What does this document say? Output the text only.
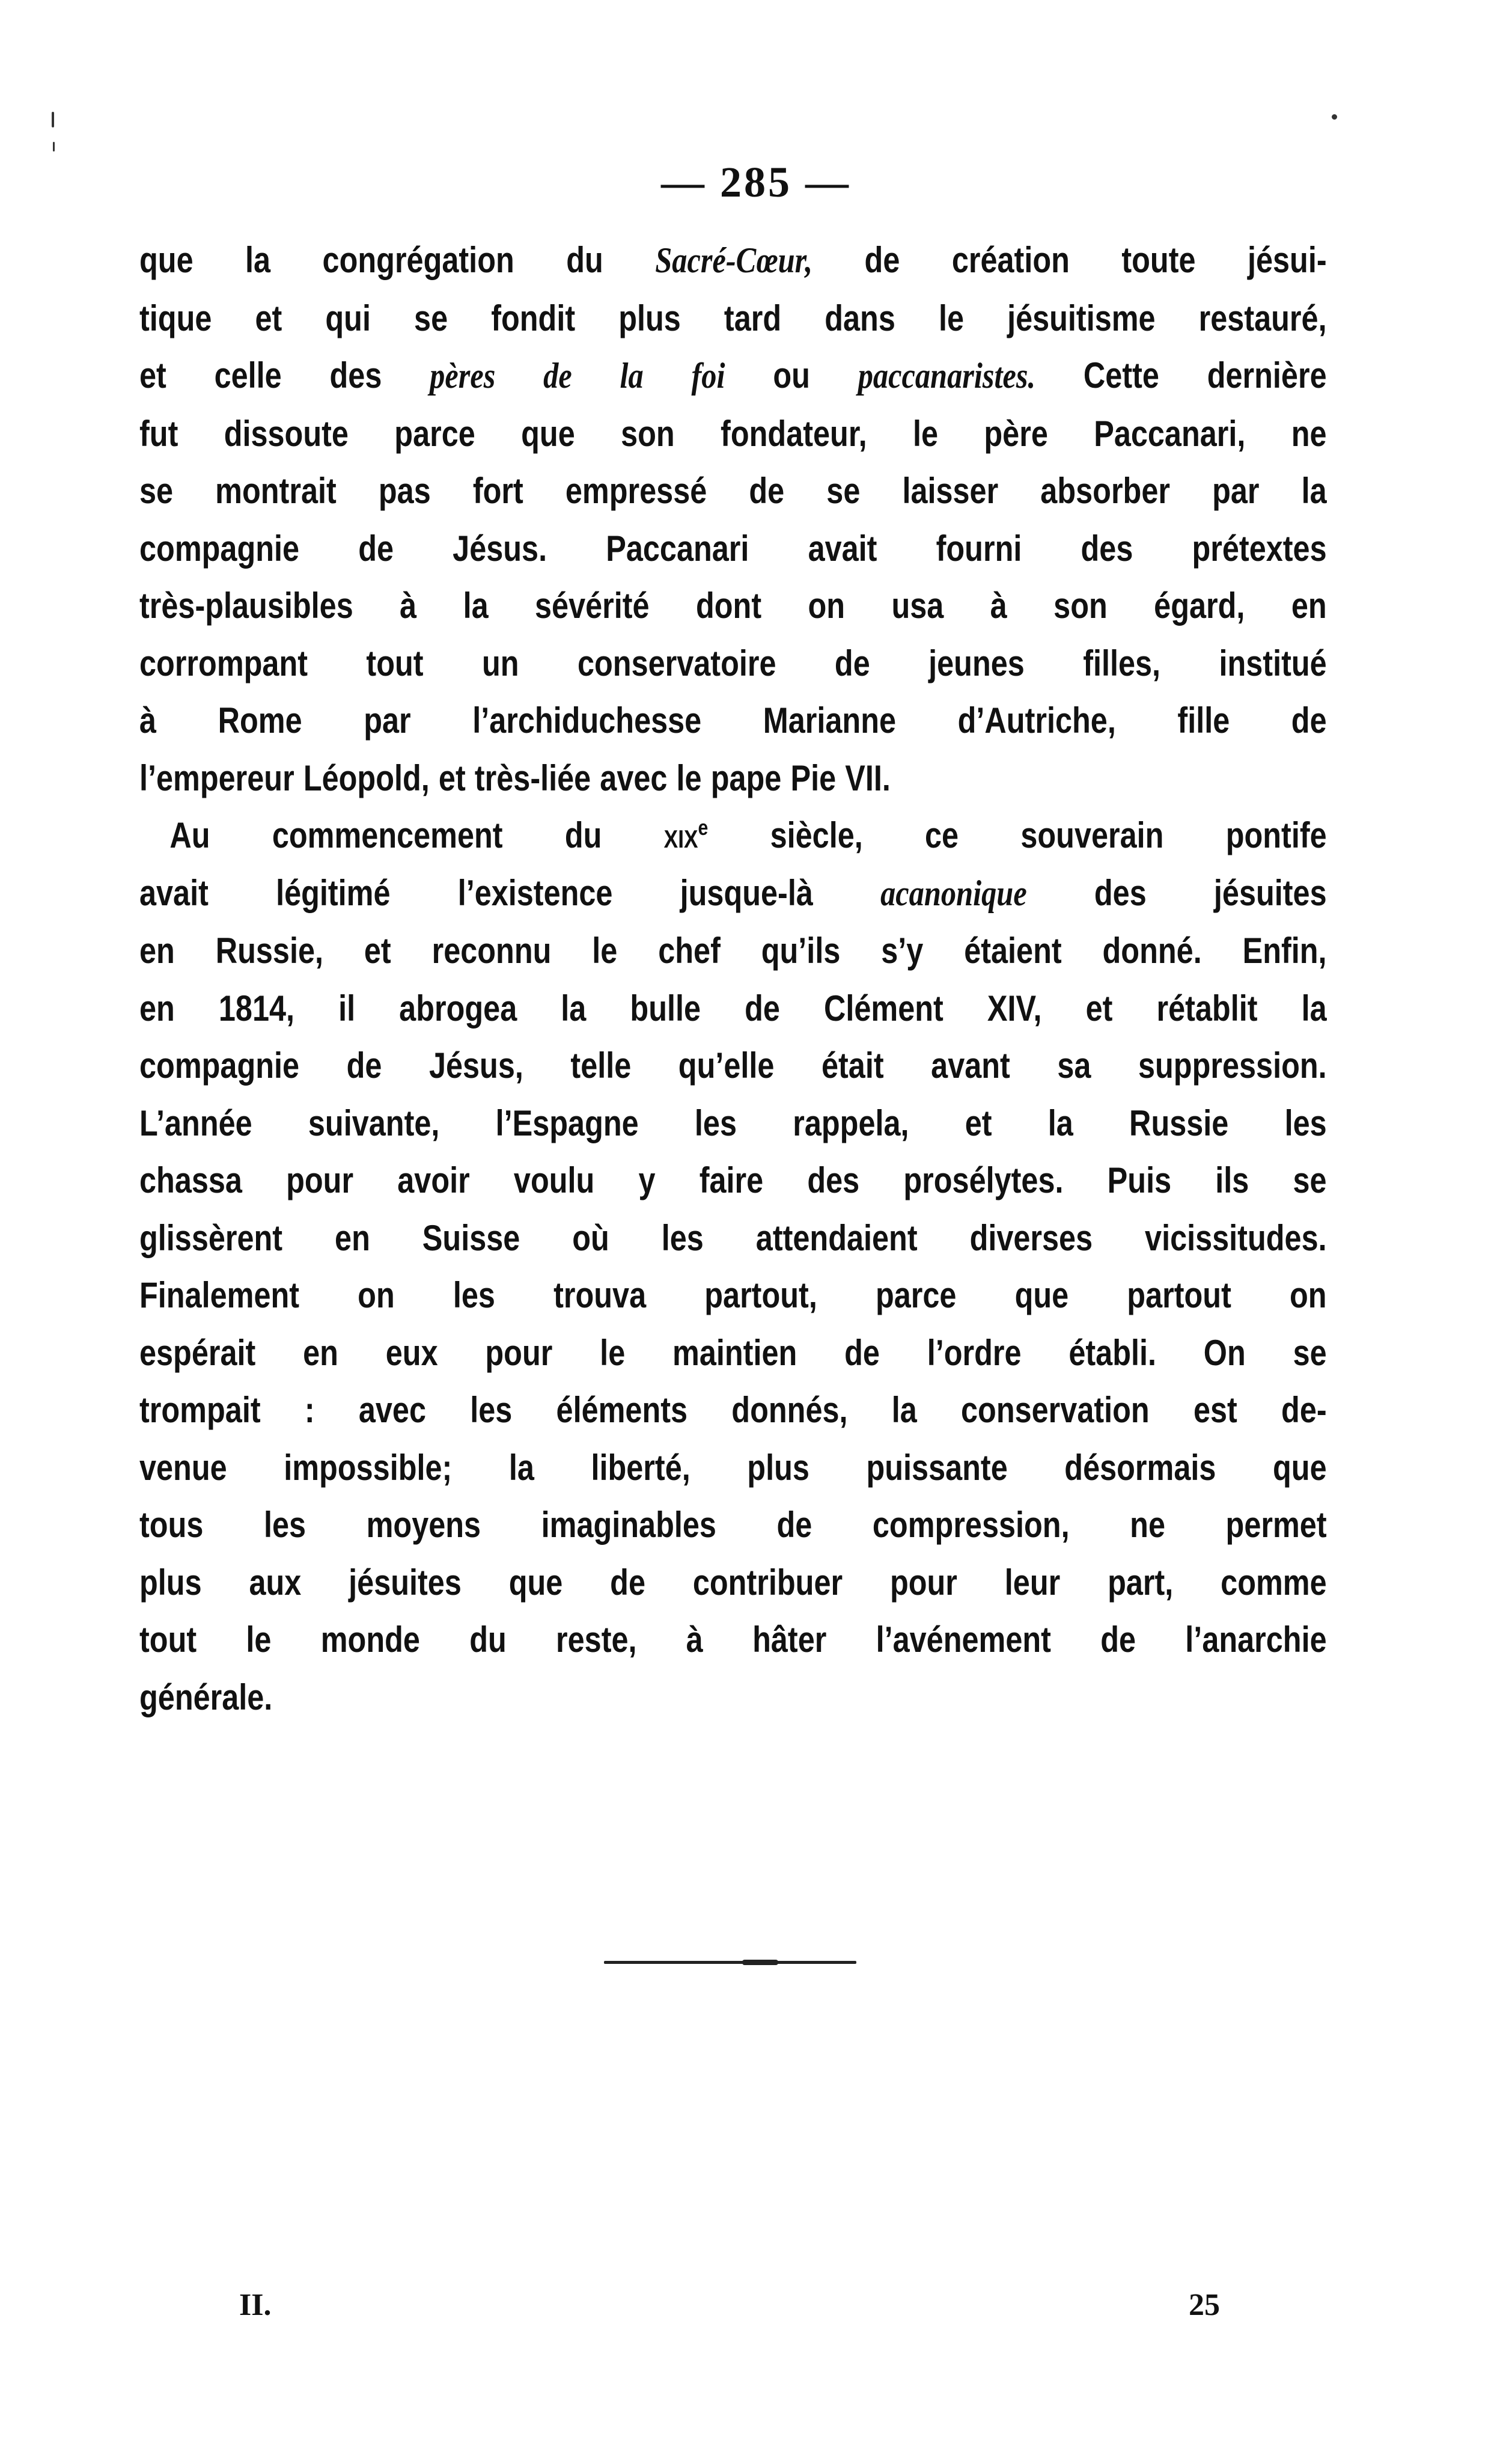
— 285 —
que la congrégation du Sacré-Cœur, de création toute jésui-
tique et qui se fondit plus tard dans le jésuitisme restauré,
et celle des pères de la foi ou paccanaristes. Cette dernière
fut dissoute parce que son fondateur, le père Paccanari, ne
se montrait pas fort empressé de se laisser absorber par la
compagnie de Jésus. Paccanari avait fourni des prétextes
très-plausibles à la sévérité dont on usa à son égard, en
corrompant tout un conservatoire de jeunes filles, institué
à Rome par l’archiduchesse Marianne d’Autriche, fille de
l’empereur Léopold, et très-liée avec le pape Pie VII.
Au commencement du xix$^e$ siècle, ce souverain pontife
avait légitimé l’existence jusque-là acanonique des jésuites
en Russie, et reconnu le chef qu’ils s’y étaient donné. Enfin,
en 1814, il abrogea la bulle de Clément XIV, et rétablit la
compagnie de Jésus, telle qu’elle était avant sa suppression.
L’année suivante, l’Espagne les rappela, et la Russie les
chassa pour avoir voulu y faire des prosélytes. Puis ils se
glissèrent en Suisse où les attendaient diverses vicissitudes.
Finalement on les trouva partout, parce que partout on
espérait en eux pour le maintien de l’ordre établi. On se
trompait : avec les éléments donnés, la conservation est de-
venue impossible; la liberté, plus puissante désormais que
tous les moyens imaginables de compression, ne permet
plus aux jésuites que de contribuer pour leur part, comme
tout le monde du reste, à hâter l’avénement de l’anarchie
générale.
II.	25
